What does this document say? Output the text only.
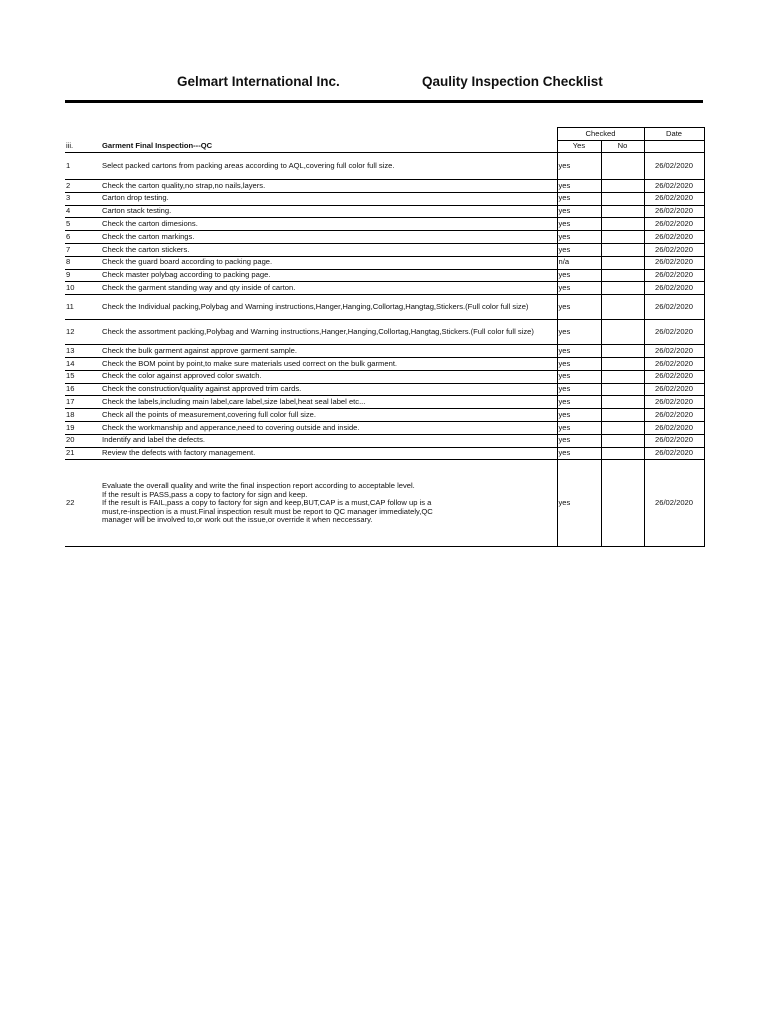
Gelmart International Inc.	Qaulity Inspection Checklist
		Checked		Date
iii.	Garment Final Inspection---QC	Yes	No	
1	Select packed cartons from packing areas according to AQL,covering full color full size.	yes		26/02/2020
2	Check the carton quality,no strap,no nails,layers.	yes		26/02/2020
3	Carton drop testing.	yes		26/02/2020
4	Carton stack testing.	yes		26/02/2020
5	Check the carton dimesions.	yes		26/02/2020
6	Check the carton markings.	yes		26/02/2020
7	Check the carton stickers.	yes		26/02/2020
8	Check the guard board according to packing page.	n/a		26/02/2020
9	Check master polybag according to packing page.	yes		26/02/2020
10	Check the garment standing way and qty inside of carton.	yes		26/02/2020
11	Check the Individual packing,Polybag and Warning instructions,Hanger,Hanging,Collortag,Hangtag,Stickers.(Full color full size)	yes		26/02/2020
12	Check the assortment packing,Polybag and Warning instructions,Hanger,Hanging,Collortag,Hangtag,Stickers.(Full color full size)	yes		26/02/2020
13	Check the bulk garment against approve garment sample.	yes		26/02/2020
14	Check the BOM point by point,to make sure materials used correct on the bulk garment.	yes		26/02/2020
15	Check the color against approved color swatch.	yes		26/02/2020
16	Check the construction/quality against approved trim cards.	yes		26/02/2020
17	Check the labels,including main label,care label,size label,heat seal label etc...	yes		26/02/2020
18	Check all the points of measurement,covering full color full size.	yes		26/02/2020
19	Check the workmanship and apperance,need to covering outside and inside.	yes		26/02/2020
20	Indentify and label the defects.	yes		26/02/2020
21	Review the defects with factory management.	yes		26/02/2020
22	Evaluate the overall quality and write the final inspection report according to acceptable level.
If the result is PASS,pass a copy to factory for sign and keep.
If the result is FAIL,pass a copy to factory for sign and keep,BUT,CAP is a must,CAP follow up is a
must,re-inspection is a must.Final inspection result must be report to QC manager immediately,QC
manager will be involved to,or work out the issue,or override it when neccessary.	yes		26/02/2020
